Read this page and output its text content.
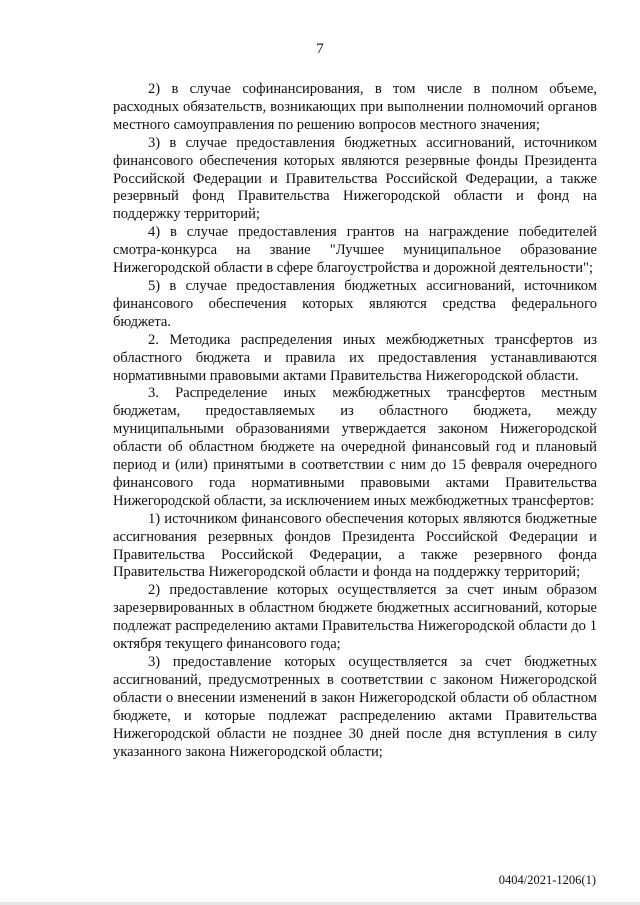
7

2) в случае софинансирования, в том числе в полном объеме, расходных обязательств, возникающих при выполнении полномочий органов местного самоуправления по решению вопросов местного значения;

3) в случае предоставления бюджетных ассигнований, источником финансового обеспечения которых являются резервные фонды Президента Российской Федерации и Правительства Российской Федерации, а также резервный фонд Правительства Нижегородской области и фонд на поддержку территорий;

4) в случае предоставления грантов на награждение победителей смотра-конкурса на звание "Лучшее муниципальное образование Нижегородской области в сфере благоустройства и дорожной деятельности";

5) в случае предоставления бюджетных ассигнований, источником финансового обеспечения которых являются средства федерального бюджета.

2. Методика распределения иных межбюджетных трансфертов из областного бюджета и правила их предоставления устанавливаются нормативными правовыми актами Правительства Нижегородской области.

3. Распределение иных межбюджетных трансфертов местным бюджетам, предоставляемых из областного бюджета, между муниципальными образованиями утверждается законом Нижегородской области об областном бюджете на очередной финансовый год и плановый период и (или) принятыми в соответствии с ним до 15 февраля очередного финансового года нормативными правовыми актами Правительства Нижегородской области, за исключением иных межбюджетных трансфертов:

1) источником финансового обеспечения которых являются бюджетные ассигнования резервных фондов Президента Российской Федерации и Правительства Российской Федерации, а также резервного фонда Правительства Нижегородской области и фонда на поддержку территорий;

2) предоставление которых осуществляется за счет иным образом зарезервированных в областном бюджете бюджетных ассигнований, которые подлежат распределению актами Правительства Нижегородской области до 1 октября текущего финансового года;

3) предоставление которых осуществляется за счет бюджетных ассигнований, предусмотренных в соответствии с законом Нижегородской области о внесении изменений в закон Нижегородской области об областном бюджете, и которые подлежат распределению актами Правительства Нижегородской области не позднее 30 дней после дня вступления в силу указанного закона Нижегородской области;

0404/2021-1206(1)
